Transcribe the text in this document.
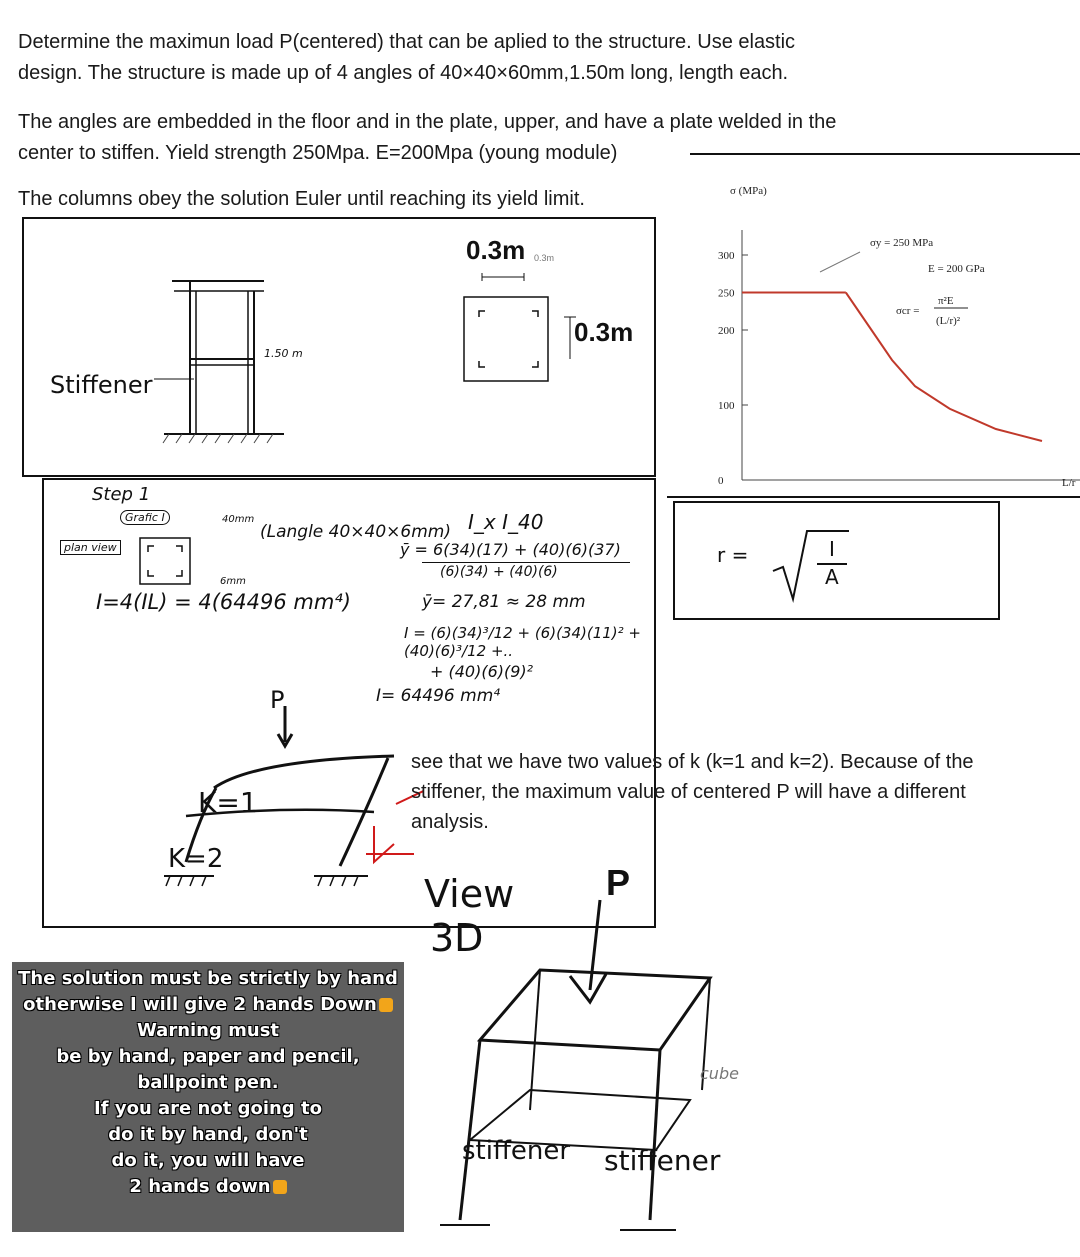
Determine the maximun load P(centered) that can be aplied to the structure. Use elastic
design. The structure is made up of 4 angles of 40×40×60mm,1.50m long, length each.
The angles are embedded in the floor and in the plate, upper, and have a plate welded in the
center to stiffen. Yield strength 250Mpa. E=200Mpa (young module)
The columns obey the solution Euler until reaching its yield limit.
0.3m 0.3m
0.3m
1.50 m
Stiffener
σ (MPa)
300
250
200
100
0	L/r
σy = 250 MPa
E = 200 GPa
σcr =
π²E
(L/r)²
Step 1
Grafic I
plan view
40mm
6mm
(Langle 40×40×6mm)
I=4(IL) = 4(64496 mm⁴)
I_x I_40
ȳ = 6(34)(17) + (40)(6)(37)
(6)(34) + (40)(6)
ȳ= 27,81 ≈ 28 mm
I = (6)(34)³/12 + (6)(34)(11)² + (40)(6)³/12 +..
+ (40)(6)(9)²
I= 64496 mm⁴
P
K=1
K=2
r =	I
A
see that we have two values of k (k=1 and k=2). Because of the
stiffener, the maximum value of centered P will have a different
analysis.
View
3D
P
stiffener stiffener
cube
The solution must be strictly by hand
otherwise I will give 2 hands Down
Warning must
be by hand, paper and pencil,
ballpoint pen.
If you are not going to
do it by hand, don't
do it, you will have
2 hands down
